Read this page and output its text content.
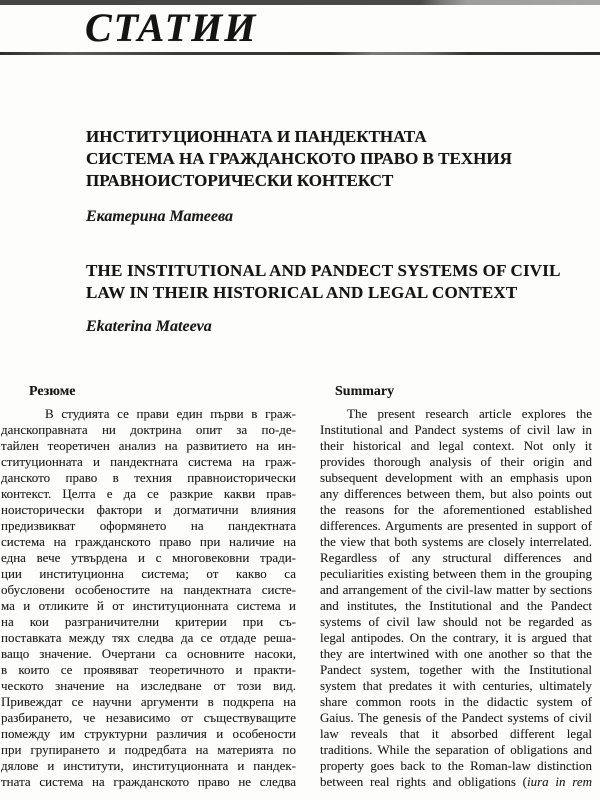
СТАТИИ
ИНСТИТУЦИОННАТА И ПАНДЕКТНАТА
СИСТЕМА НА ГРАЖДАНСКОТО ПРАВО В ТЕХНИЯ
ПРАВНОИСТОРИЧЕСКИ КОНТЕКСТ
Екатерина Матеева
THE INSTITUTIONAL AND PANDECT SYSTEMS OF CIVIL
LAW IN THEIR HISTORICAL AND LEGAL CONTEXT
Ekaterina Mateeva
Резюме
В студията се прави един първи в граж-
данскоправната ни доктрина опит за по-де-
тайлен теоретичен анализ на развитието на ин-
ституционната и пандектната система на граж-
данското право в техния правноисторически
контекст. Целта е да се разкрие какви прав-
ноисторически фактори и догматични влияния
предизвикват оформянето на пандектната
система на гражданското право при наличие на
една вече утвърдена и с многовековни тради-
ции институционна система; от какво са
обусловени особеностите на пандектната систе-
ма и отликите й от институционната система и
на кои разграничителни критерии при съ-
поставката между тях следва да се отдаде реша-
ващо значение. Очертани са основните насоки,
в които се проявяват теоретичното и практи-
ческото значение на изследване от този вид.
Привеждат се научни аргументи в подкрепа на
разбирането, че независимо от съществуващите
помежду им структурни различия и особености
при групирането и подредбата на материята по
дялове и институти, институционната и пандек-
тната система на гражданското право не следва
Summary
The present research article explores the
Institutional and Pandect systems of civil law in
their historical and legal context. Not only it
provides thorough analysis of their origin and
subsequent development with an emphasis upon
any differences between them, but also points out
the reasons for the aforementioned established
differences. Arguments are presented in support of
the view that both systems are closely interrelated.
Regardless of any structural differences and
peculiarities existing between them in the grouping
and arrangement of the civil-law matter by sections
and institutes, the Institutional and the Pandect
systems of civil law should not be regarded as
legal antipodes. On the contrary, it is argued that
they are intertwined with one another so that the
Pandect system, together with the Institutional
system that predates it with centuries, ultimately
share common roots in the didactic system of
Gaius. The genesis of the Pandect systems of civil
law reveals that it absorbed different legal
traditions. While the separation of obligations and
property goes back to the Roman-law distinction
between real rights and obligations (iura in rem
